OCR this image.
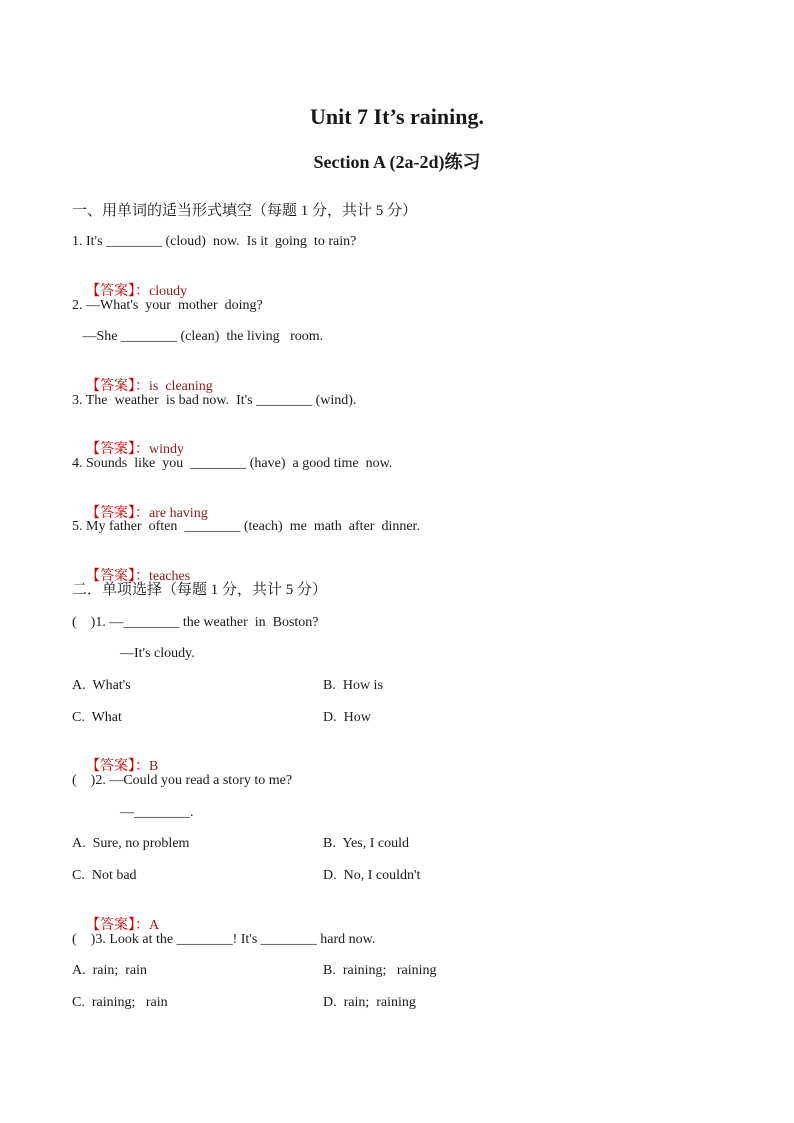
Unit 7 It’s raining.
Section A (2a-2d)练习
一、用单词的适当形式填空（每题 1 分，共计 5 分）
1. It's ________ (cloud)  now.  Is it  going  to rain?

【答案】：cloudy

2. —What's  your  mother  doing?
—She ________ (clean)  the living   room.

【答案】：is  cleaning

3. The  weather  is bad now.  It's ________ (wind).

【答案】：windy

4. Sounds  like  you  ________ (have)  a good time  now.

【答案】：are having

5. My father  often  ________ (teach)  me  math  after  dinner.

【答案】：teaches

二．单项选择（每题 1 分，共计 5 分）
(    )1. —________ the weather  in  Boston?
—It's cloudy.
A.  What's	B.  How is
C.  What	D.  How

【答案】：B

(    )2. —Could you read a story to me?
—________.
A.  Sure, no problem	B.  Yes, I could
C.  Not bad	D.  No, I couldn't

【答案】：A

(    )3. Look at the ________! It's ________ hard now.
A.  rain;  rain	B.  raining;   raining
C.  raining;   rain	D.  rain;  raining
